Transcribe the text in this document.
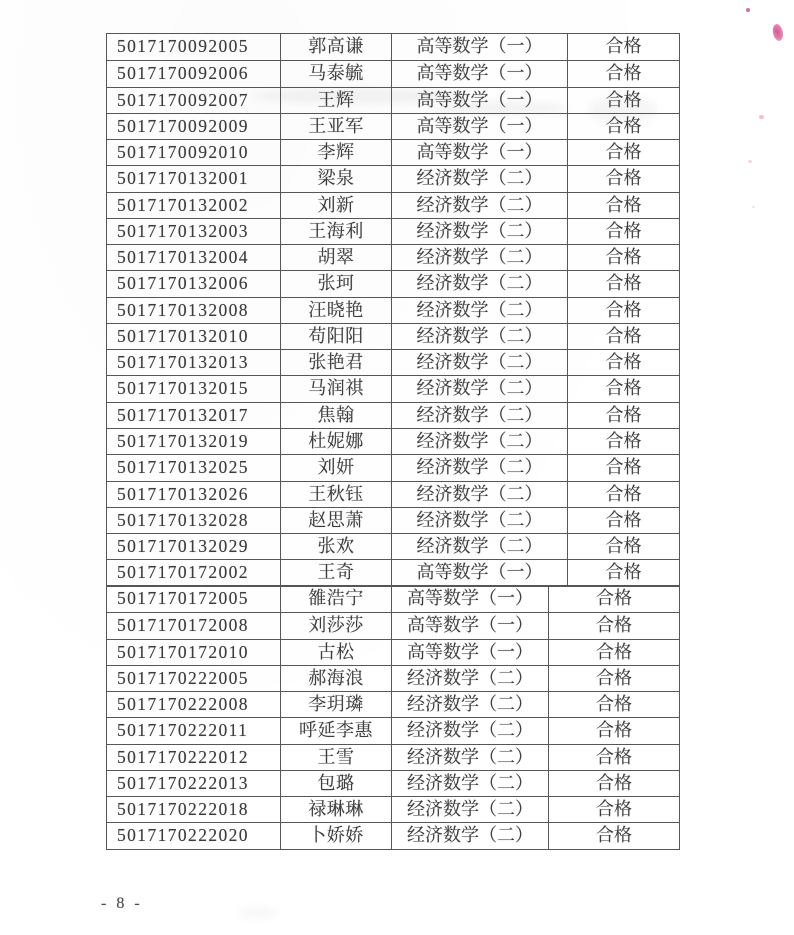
5017170092005	郭高谦	高等数学（一）	合格
5017170092006	马泰毓	高等数学（一）	合格
5017170092007	王辉	高等数学（一）	合格
5017170092009	王亚军	高等数学（一）	合格
5017170092010	李辉	高等数学（一）	合格
5017170132001	梁泉	经济数学（二）	合格
5017170132002	刘新	经济数学（二）	合格
5017170132003	王海利	经济数学（二）	合格
5017170132004	胡翠	经济数学（二）	合格
5017170132006	张珂	经济数学（二）	合格
5017170132008	汪晓艳	经济数学（二）	合格
5017170132010	苟阳阳	经济数学（二）	合格
5017170132013	张艳君	经济数学（二）	合格
5017170132015	马润祺	经济数学（二）	合格
5017170132017	焦翰	经济数学（二）	合格
5017170132019	杜妮娜	经济数学（二）	合格
5017170132025	刘妍	经济数学（二）	合格
5017170132026	王秋钰	经济数学（二）	合格
5017170132028	赵思萧	经济数学（二）	合格
5017170132029	张欢	经济数学（二）	合格
5017170172002	王奇	高等数学（一）	合格
5017170172005	雒浩宁	高等数学（一）	合格
5017170172008	刘莎莎	高等数学（一）	合格
5017170172010	古松	高等数学（一）	合格
5017170222005	郝海浪	经济数学（二）	合格
5017170222008	李玥璘	经济数学（二）	合格
5017170222011	呼延李惠	经济数学（二）	合格
5017170222012	王雪	经济数学（二）	合格
5017170222013	包璐	经济数学（二）	合格
5017170222018	禄琳琳	经济数学（二）	合格
5017170222020	卜娇娇	经济数学（二）	合格
- 8 -
